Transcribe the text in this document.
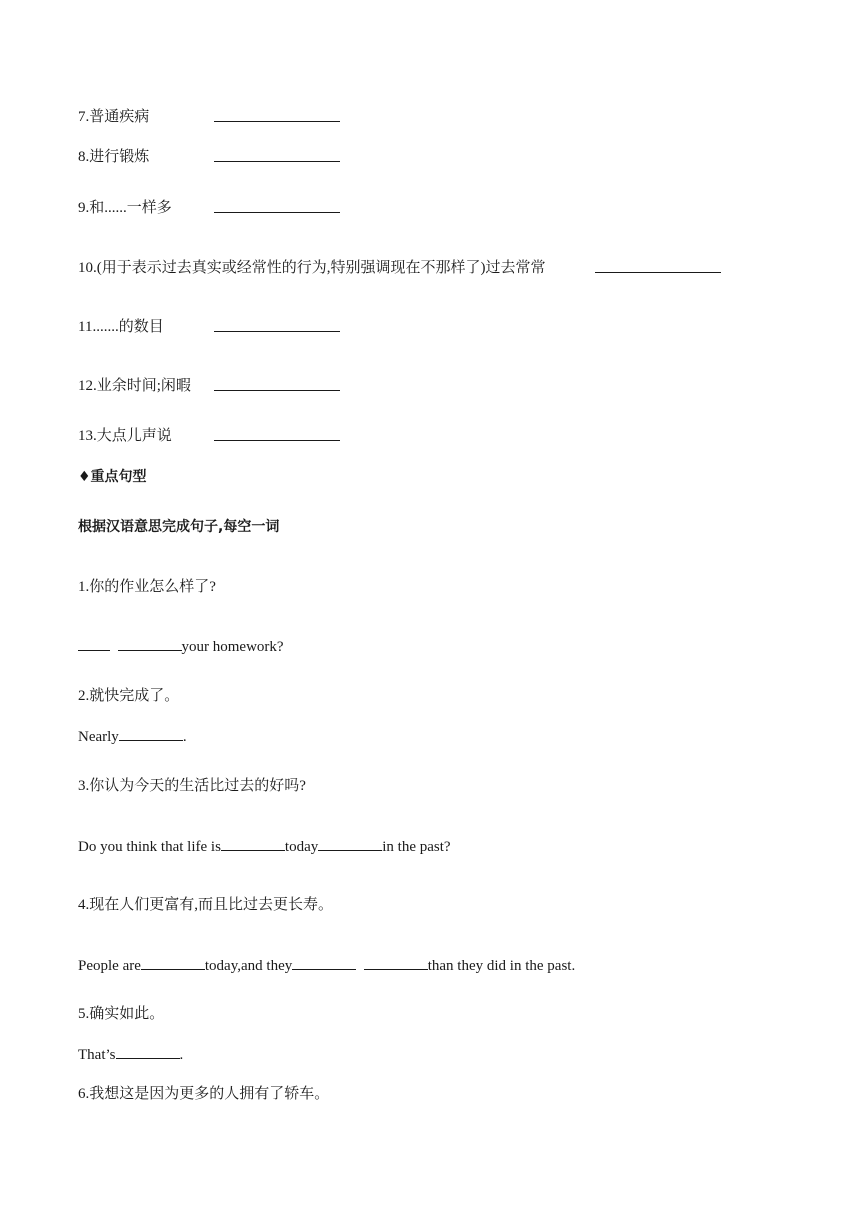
7.普通疾病
8.进行锻炼
9.和......一样多
10.(用于表示过去真实或经常性的行为,特别强调现在不那样了)过去常常
11.......的数目
12.业余时间;闲暇
13.大点儿声说
♦重点句型
根据汉语意思完成句子,每空一词
1.你的作业怎么样了?
your homework?
2.就快完成了。
Nearly	.
3.你认为今天的生活比过去的好吗?
Do you think that life is	today	in the past?
4.现在人们更富有,而且比过去更长寿。
People are	today,and they	than they did in the past.
5.确实如此。
That’s	.
6.我想这是因为更多的人拥有了轿车。
